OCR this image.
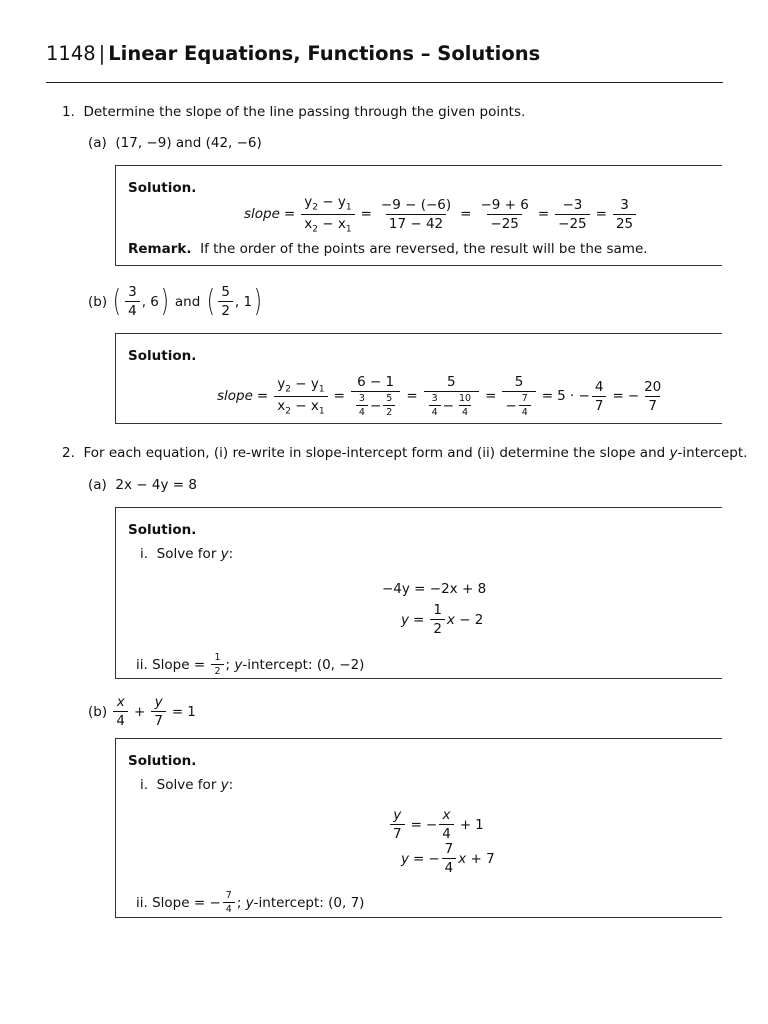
1148 | Linear Equations, Functions – Solutions
1. Determine the slope of the line passing through the given points.
(a) (17, −9) and (42, −6)
Solution.
slope = $\frac{y_2 - y_1}{x_2 - x_1} = \frac{-9 - (-6)}{17 - 42} = \frac{-9 + 6}{-25} = \frac{-3}{-25} = \frac{3}{25}$
Remark. If the order of the points are reversed, the result will be the same.
(b)
( $\frac{3}{4}$ , 6 )
and
( $\frac{5}{2}$ , 1 )
Solution.
slope = $\frac{y_2 - y_1}{x_2 - x_1} = \frac{6 - 1}{\frac{3}{4} - \frac{5}{2}} = \frac{5}{\frac{3}{4} - \frac{10}{4}} = \frac{5}{- \frac{7}{4}} = 5$ · − $\frac{4}{7}$ = − $\frac{20}{7}$
2. For each equation, (i) re-write in slope-intercept form and (ii) determine the slope and y-intercept.
(a) 2x − 4y = 8
Solution.
i. Solve for y:
−4y = −2x + 8
$y = \frac{1}{2}$ x − 2
ii.
Slope =
$\frac{1}{2}$ ; y -intercept:
(0, −2)
(b)
$\frac{x}{4} + \frac{y}{7} = 1$
Solution.
i. Solve for y:
$\frac{y}{7}$ = − $\frac{x}{4} + 1$
y = − $\frac{7}{4}$ x + 7
ii.
Slope = − $\frac{7}{4}$ ; y -intercept:
(0, 7)
